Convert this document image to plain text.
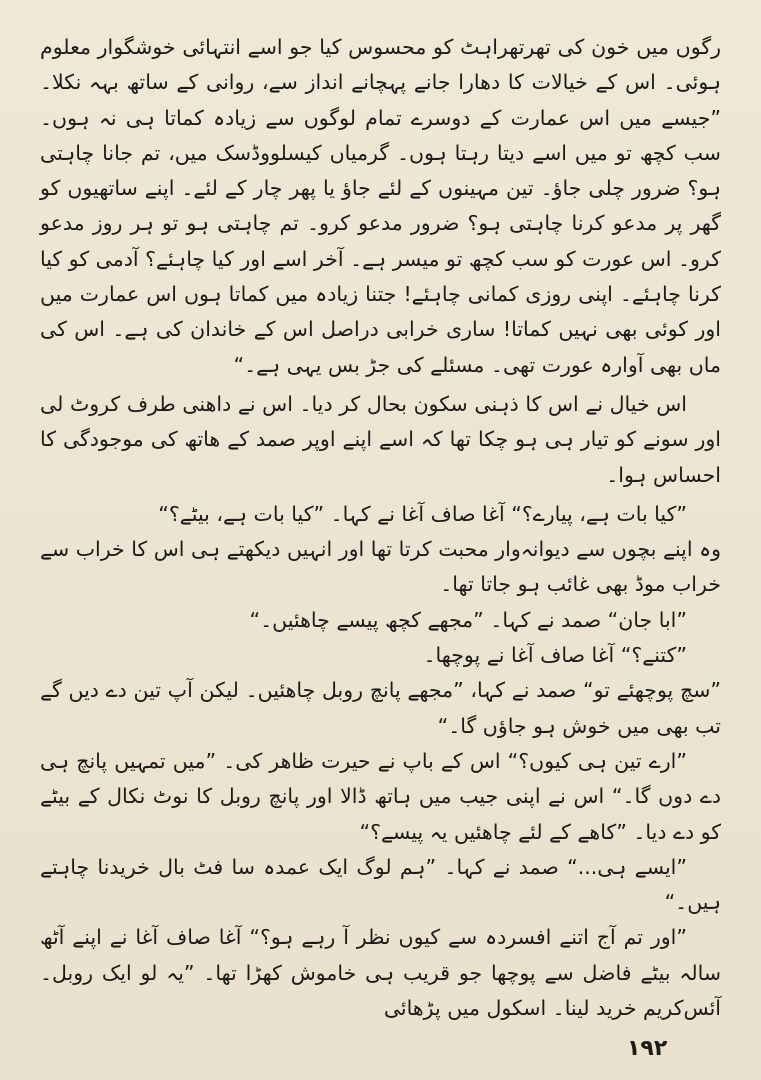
رگوں میں خون کی تھرتھراہٹ کو محسوس کیا جو اسے انتہائی خوشگوار معلوم ہوئی۔ اس کے خیالات کا دھارا جانے پہچانے انداز سے، روانی کے ساتھ بہہ نکلا۔ ”جیسے میں اس عمارت کے دوسرے تمام لوگوں سے زیادہ کماتا ہی نہ ہوں۔ سب کچھ تو میں اسے دیتا رہتا ہوں۔ گرمیاں کیسلووڈسک میں، تم جانا چاہتی ہو؟ ضرور چلی جاؤ۔ تین مہینوں کے لئے جاؤ یا پھر چار کے لئے۔ اپنے ساتھیوں کو گھر پر مدعو کرنا چاہتی ہو؟ ضرور مدعو کرو۔ تم چاہتی ہو تو ہر روز مدعو کرو۔ اس عورت کو سب کچھ تو میسر ہے۔ آخر اسے اور کیا چاہئے؟ آدمی کو کیا کرنا چاہئے۔ اپنی روزی کمانی چاہئے! جتنا زیادہ میں کماتا ہوں اس عمارت میں اور کوئی بھی نہیں کماتا! ساری خرابی دراصل اس کے خاندان کی ہے۔ اس کی ماں بھی آوارہ عورت تھی۔ مسئلے کی جڑ بس یہی ہے۔“

اس خیال نے اس کا ذہنی سکون بحال کر دیا۔ اس نے داھنی طرف کروٹ لی اور سونے کو تیار ہی ہو چکا تھا کہ اسے اپنے اوپر صمد کے ھاتھ کی موجودگی کا احساس ہوا۔

”کیا بات ہے، پیارے؟“ آغا صاف آغا نے کہا۔ ”کیا بات ہے، بیٹے؟“

وہ اپنے بچوں سے دیوانہ‌وار محبت کرتا تھا اور انہیں دیکھتے ہی اس کا خراب سے خراب موڈ بھی غائب ہو جاتا تھا۔

”ابا جان“ صمد نے کہا۔ ”مجھے کچھ پیسے چاھئیں۔“

”کتنے؟“ آغا صاف آغا نے پوچھا۔

”سچ پوچھئے تو“ صمد نے کہا، ”مجھے پانچ روبل چاھئیں۔ لیکن آپ تین دے دیں گے تب بھی میں خوش ہو جاؤں گا۔“

”ارے تین ہی کیوں؟“ اس کے باپ نے حیرت ظاھر کی۔ ”میں تمہیں پانچ ہی دے دوں گا۔“ اس نے اپنی جیب میں ہاتھ ڈالا اور پانچ روبل کا نوٹ نکال کے بیٹے کو دے دیا۔ ”کاھے کے لئے چاھئیں یہ پیسے؟“

”ایسے ہی...“ صمد نے کہا۔ ”ہم لوگ ایک عمدہ سا فٹ بال خریدنا چاہتے ہیں۔“

”اور تم آج اتنے افسردہ سے کیوں نظر آ رہے ہو؟“ آغا صاف آغا نے اپنے آٹھ سالہ بیٹے فاضل سے پوچھا جو قریب ہی خاموش کھڑا تھا۔ ”یہ لو ایک روبل۔ آئس‌کریم خرید لینا۔ اسکول میں پڑھائی

۱۹۲
